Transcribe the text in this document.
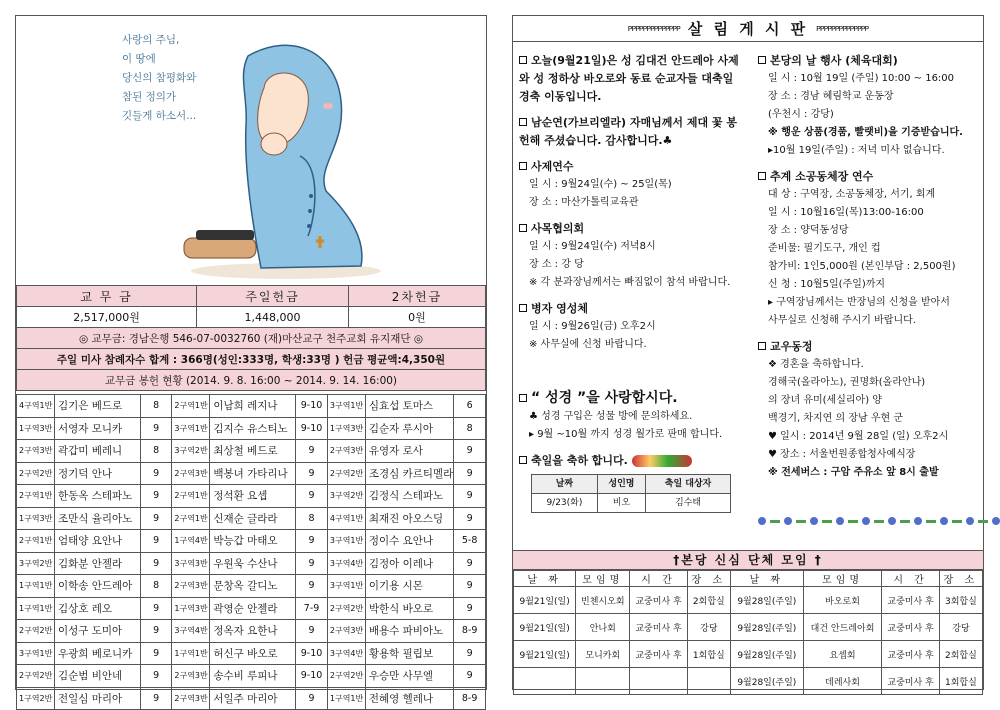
사랑의 주님,
이 땅에
당신의 참평화와
참된 정의가
깃들게 하소서...
교 무 금	주일헌금	2차헌금
2,517,000원	1,448,000	0원
◎ 교무금: 경남은행 546-07-0032760 (재)마산교구 천주교회 유지재단 ◎		
주일 미사 참례자수 합계 : 366명(성인:333명, 학생:33명 ) 헌금 평균액:4,350원		
교무금 봉헌 현황 (2014. 9. 8. 16:00 ~ 2014. 9. 14. 16:00)		
4구역1반	김기은 베드로	8	2구역1반	이남희 레지나	9-10	3구역1반	심효섭 토마스	6
1구역3반	서영자 모니카	9	3구역1반	김지수 유스티노	9-10	1구역3반	김순자 루시아	8
2구역3반	곽갑미 베레니	8	3구역2반	최상철 베드로	9	2구역3반	유영자 로사	9
2구역2반	정기덕 안나	9	2구역3반	백봉녀 가타리나	9	2구역2반	조경심 카르티멜라	9
2구역1반	한동옥 스테파노	9	2구역1반	정석환 요셉	9	3구역2반	김정식 스테파노	9
1구역3반	조만식 율리아노	9	2구역1반	신재순 글라라	8	4구역1반	최재진 아오스딩	9
2구역1반	엄태양 요안나	9	1구역4반	박능갑 마태오	9	3구역1반	정이수 요안나	5-8
3구역2반	김화분 안젤라	9	3구역3반	우원욱 수산나	9	3구역4반	김정아 이레나	9
1구역1반	이학송 안드레아	8	2구역3반	문창옥 갈디노	9	3구역1반	이기용 시몬	9
1구역1반	김상호 레오	9	1구역3반	곽영순 안젤라	7-9	2구역2반	박한식 바오로	9
2구역2반	이성구 도미아	9	3구역4반	정옥자 요한나	9	2구역3반	배용수 파비아노	8-9
3구역1반	우광희 베로니카	9	1구역1반	허신구 바오로	9-10	3구역4반	황용학 필립보	9
2구역2반	김순범 비안네	9	2구역3반	송수비 루피나	9-10	2구역2반	우승만 사무엘	9
1구역2반	전일심 마리아	9	2구역3반	서일주 마리아	9	1구역1반	전혜영 헬레나	8-9
ᴩᴩᴩᴩᴩᴩᴩᴩᴩᴩᴩᴩᴩᴩ 살 림 게 시 판 ᴩᴩᴩᴩᴩᴩᴩᴩᴩᴩᴩᴩᴩᴩ
오늘(9월21일)은 성 김대건 안드레아 사제와 성 정하상 바오로와 동료 순교자들 대축일 경축 이동입니다.
남순연(가브리엘라) 자매님께서 제대 꽃 봉헌해 주셨습니다. 감사합니다.♣
사제연수
일 시 : 9월24일(수) ~ 25일(목)
장 소 : 마산가톨릭교육관
사목협의회
일 시 : 9월24일(수) 저녁8시
장 소 : 강 당
※ 각 분과장님께서는 빠짐없이 참석 바랍니다.
병자 영성체
일 시 : 9월26일(금) 오후2시
※ 사무실에 신청 바랍니다.
“ 성경 ”을 사랑합시다.
♣ 성경 구입은 성물 방에 문의하세요.
▸ 9월 ~10월 까지 성경 월가로 판매 합니다.
축일을 축하 합니다.
날짜	성인명	축일 대상자
9/23(화)	비오	김수태
본당의 날 행사 (체육대회)
일 시 : 10월 19일 (주일) 10:00 ~ 16:00
장 소 : 경남 혜림학교 운동장
(우천시 : 강당)
※ 행운 상품(경품, 빨랫비)을 기증받습니다.
▸10월 19일(주일) : 저녁 미사 없습니다.
추계 소공동체장 연수
대 상 : 구역장, 소공동체장, 서기, 회계
일 시 : 10월16일(목)13:00-16:00
장 소 : 양덕동성당
준비물: 필기도구, 개인 컵
참가비: 1인5,000원 (본인부담 : 2,500원)
신 청 : 10월5일(주일)까지
▸ 구역장님께서는 반장님의 신청을 받아서
사무실로 신청해 주시기 바랍니다.
교우동정
❖ 경혼을 축하합니다.
경해국(올라아노), 권명화(올라안나)
의 장녀 유미(세실리아) 양
백경기, 차지연 의 장남 우현 군
♥ 일시 : 2014년 9월 28일 (일) 오후2시
♥ 장소 : 서울번원종합청사예식장
※ 전세버스 : 구암 주유소 앞 8시 출발
†본당 신심 단체 모임 †
날 짜	모임명	시 간	장 소	날 짜	모임명	시 간	장 소
9월21일(일)	빈첸시오회	교중미사 후	2회합실	9월28일(주일)	바오로회	교중미사 후	3회합실
9월21일(일)	안나회	교중미사 후	강당	9월28일(주일)	대건 안드레아회	교중미사 후	강당
9월21일(일)	모니카회	교중미사 후	1회합실	9월28일(주일)	요셉회	교중미사 후	2회합실
				9월28일(주일)	데레사회	교중미사 후	1회합실
